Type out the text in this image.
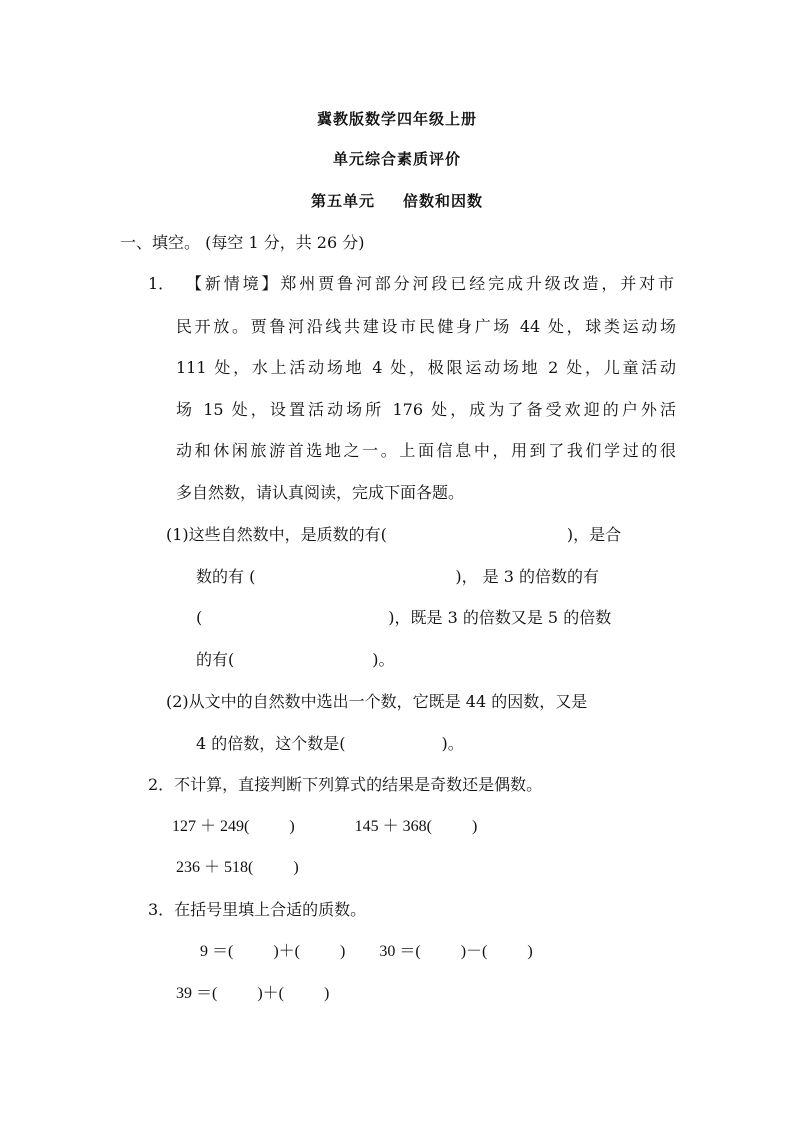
冀教版数学四年级上册
单元综合素质评价
第五单元 倍数和因数
一、填空。 (每空 1 分，共 26 分)
1． 【新情境】郑州贾鲁河部分河段已经完成升级改造，并对市
民开放。贾鲁河沿线共建设市民健身广场 44 处，球类运动场
111 处，水上活动场地 4 处，极限运动场地 2 处，儿童活动
场 15 处，设置活动场所 176 处，成为了备受欢迎的户外活
动和休闲旅游首选地之一。上面信息中，用到了我们学过的很
多自然数，请认真阅读，完成下面各题。
(1)这些自然数中，是质数的有(	)，是合
数的有 (	)， 是 3 的倍数的有
(	)，既是 3 的倍数又是 5 的倍数
的有(	)。
(2)从文中的自然数中选出一个数，它既是 44 的因数，又是
4 的倍数，这个数是(	)。
2．不计算，直接判断下列算式的结果是奇数还是偶数。
127 ＋ 249(	)	145 ＋ 368(	)
236 ＋ 518(	)
3．在括号里填上合适的质数。
9 ＝(	)＋(	) 30 ＝(	)－(	)
39 ＝(	)＋(	)
